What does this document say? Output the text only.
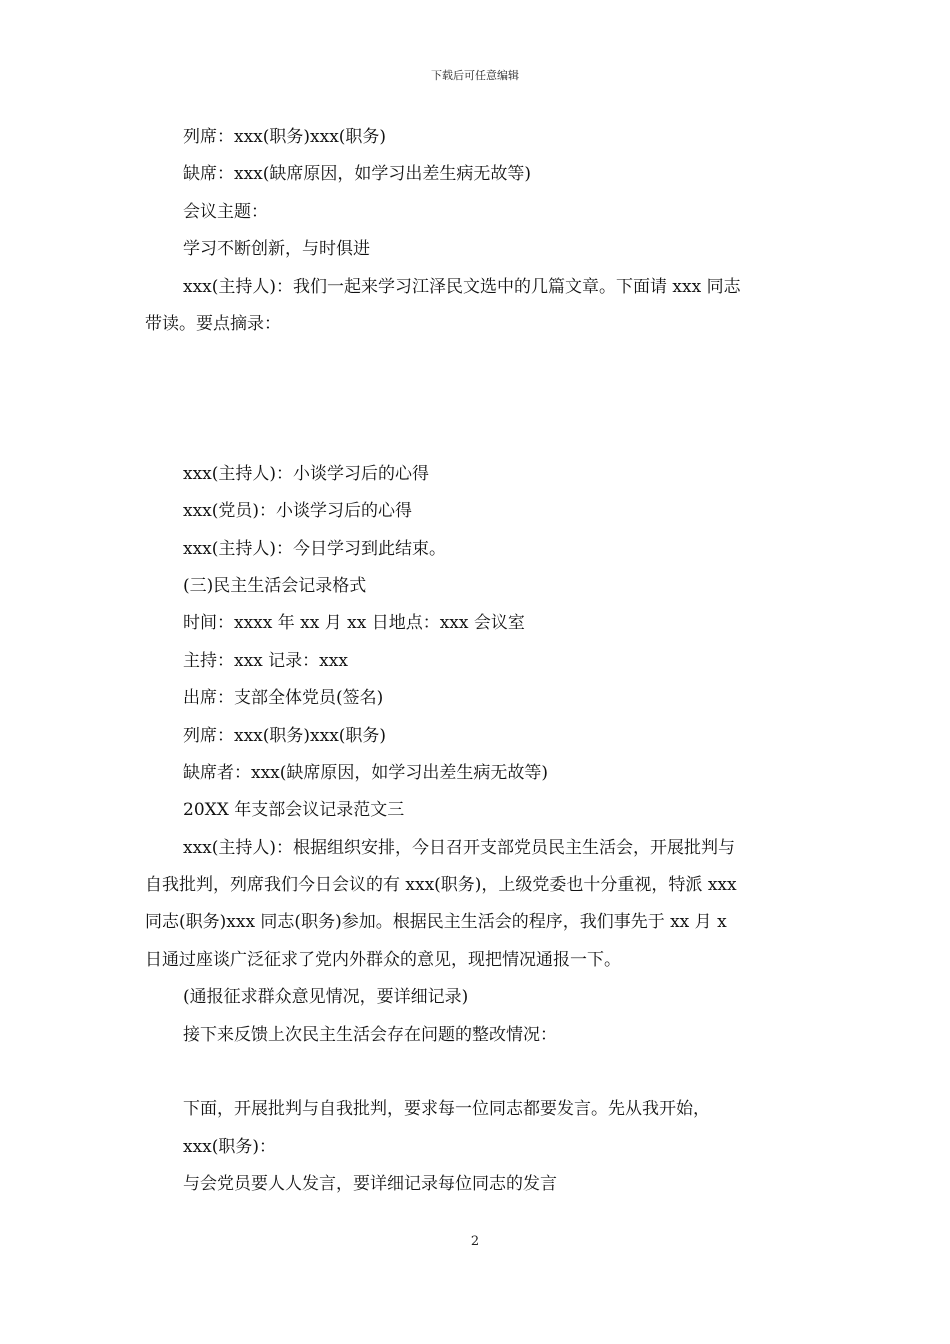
下载后可任意编辑
列席：xxx(职务)xxx(职务)
缺席：xxx(缺席原因，如学习出差生病无故等)
会议主题：
学习不断创新，与时俱进
xxx(主持人)：我们一起来学习江泽民文选中的几篇文章。下面请 xxx 同志
带读。要点摘录：
xxx(主持人)：小谈学习后的心得
xxx(党员)：小谈学习后的心得
xxx(主持人)：今日学习到此结束。
(三)民主生活会记录格式
时间：xxxx 年 xx 月 xx 日地点：xxx 会议室
主持：xxx 记录：xxx
出席：支部全体党员(签名)
列席：xxx(职务)xxx(职务)
缺席者：xxx(缺席原因，如学习出差生病无故等)
20XX 年支部会议记录范文三
xxx(主持人)：根据组织安排，今日召开支部党员民主生活会，开展批判与
自我批判，列席我们今日会议的有 xxx(职务)，上级党委也十分重视，特派 xxx
同志(职务)xxx 同志(职务)参加。根据民主生活会的程序，我们事先于 xx 月 x
日通过座谈广泛征求了党内外群众的意见，现把情况通报一下。
(通报征求群众意见情况，要详细记录)
接下来反馈上次民主生活会存在问题的整改情况：
下面，开展批判与自我批判，要求每一位同志都要发言。先从我开始，
xxx(职务)：
与会党员要人人发言，要详细记录每位同志的发言
2
